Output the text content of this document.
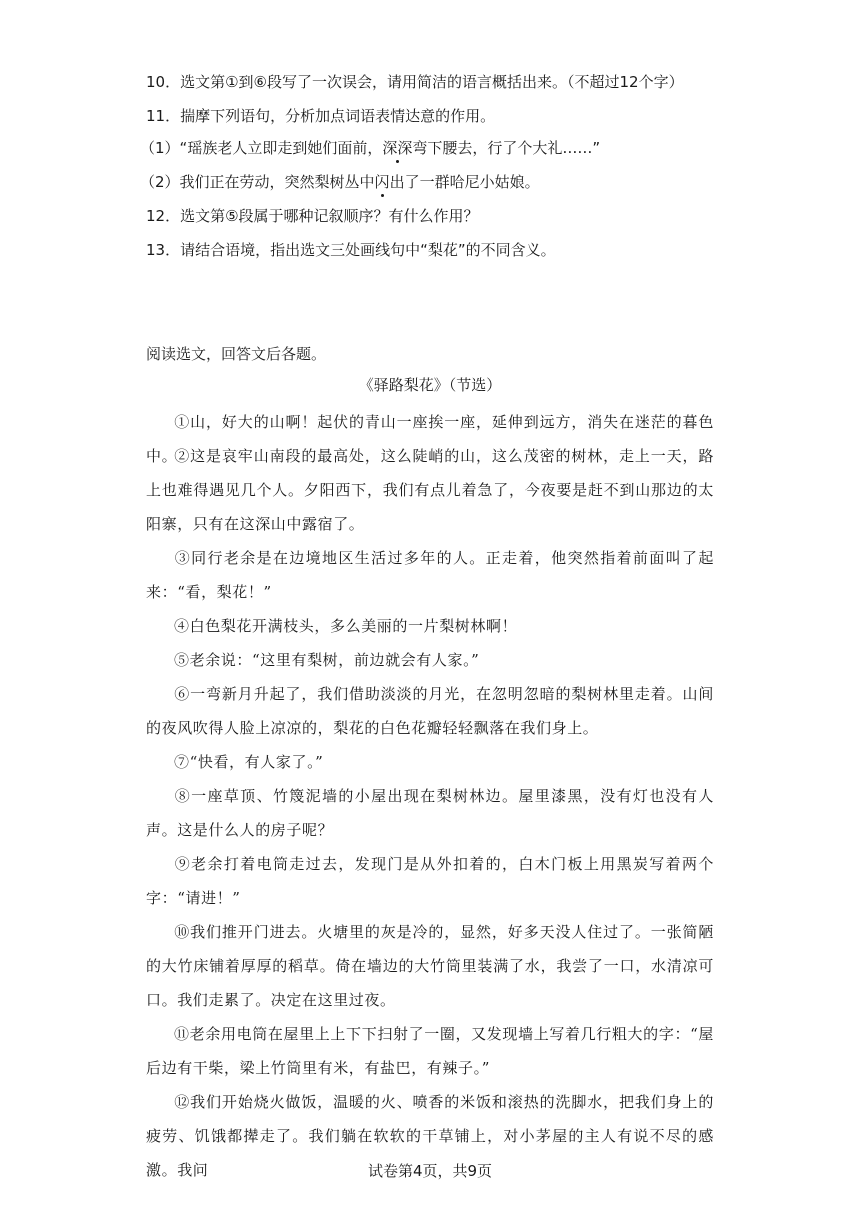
10．选文第①到⑥段写了一次误会，请用简洁的语言概括出来。（不超过12个字）
11．揣摩下列语句，分析加点词语表情达意的作用。
（1）“瑶族老人立即走到她们面前，深深弯下腰去，行了个大礼……”
（2）我们正在劳动，突然梨树丛中闪出了一群哈尼小姑娘。
12．选文第⑤段属于哪种记叙顺序？有什么作用？
13．请结合语境，指出选文三处画线句中“梨花”的不同含义。
阅读选文，回答文后各题。
《驿路梨花》（节选）
①山，好大的山啊！起伏的青山一座挨一座，延伸到远方，消失在迷茫的暮色中。
②这是哀牢山南段的最高处，这么陡峭的山，这么茂密的树林，走上一天，路上也难得遇见几个人。夕阳西下，我们有点儿着急了，今夜要是赶不到山那边的太阳寨，只有在这深山中露宿了。
③同行老余是在边境地区生活过多年的人。正走着，他突然指着前面叫了起来：“看，梨花！”
④白色梨花开满枝头，多么美丽的一片梨树林啊！
⑤老余说：“这里有梨树，前边就会有人家。”
⑥一弯新月升起了，我们借助淡淡的月光，在忽明忽暗的梨树林里走着。山间的夜风吹得人脸上凉凉的，梨花的白色花瓣轻轻飘落在我们身上。
⑦“快看，有人家了。”
⑧一座草顶、竹篾泥墙的小屋出现在梨树林边。屋里漆黑，没有灯也没有人声。这是什么人的房子呢？
⑨老余打着电筒走过去，发现门是从外扣着的，白木门板上用黑炭写着两个字：“请进！”
⑩我们推开门进去。火塘里的灰是冷的，显然，好多天没人住过了。一张简陋的大竹床铺着厚厚的稻草。倚在墙边的大竹筒里装满了水，我尝了一口，水清凉可口。我们走累了。决定在这里过夜。
⑪老余用电筒在屋里上上下下扫射了一圈，又发现墙上写着几行粗大的字：“屋后边有干柴，梁上竹筒里有米，有盐巴，有辣子。”
⑫我们开始烧火做饭，温暖的火、喷香的米饭和滚热的洗脚水，把我们身上的疲劳、饥饿都撵走了。我们躺在软软的干草铺上，对小茅屋的主人有说不尽的感激。我问	试卷第4页，共9页
